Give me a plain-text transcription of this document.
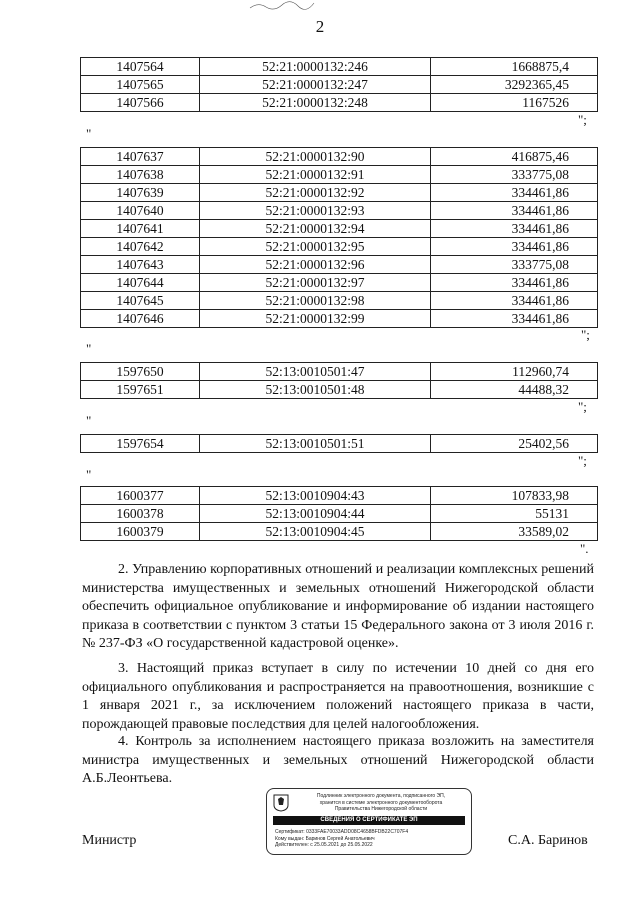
2
1407564	52:21:0000132:246	1668875,4
1407565	52:21:0000132:247	3292365,45
1407566	52:21:0000132:248	1167526
";
"
1407637	52:21:0000132:90	416875,46
1407638	52:21:0000132:91	333775,08
1407639	52:21:0000132:92	334461,86
1407640	52:21:0000132:93	334461,86
1407641	52:21:0000132:94	334461,86
1407642	52:21:0000132:95	334461,86
1407643	52:21:0000132:96	333775,08
1407644	52:21:0000132:97	334461,86
1407645	52:21:0000132:98	334461,86
1407646	52:21:0000132:99	334461,86
";
"
1597650	52:13:0010501:47	112960,74
1597651	52:13:0010501:48	44488,32
";
"
1597654	52:13:0010501:51	25402,56
";
"
1600377	52:13:0010904:43	107833,98
1600378	52:13:0010904:44	55131
1600379	52:13:0010904:45	33589,02
".
2. Управлению корпоративных отношений и реализации комплексных решений министерства имущественных и земельных отношений Нижегородской области обеспечить официальное опубликование и информирование об издании настоящего приказа в соответствии с пунктом 3 статьи 15 Федерального закона от 3 июля 2016 г. № 237-ФЗ «О государственной кадастровой оценке».
3. Настоящий приказ вступает в силу по истечении 10 дней со дня его официального опубликования и распространяется на правоотношения, возникшие с 1 января 2021 г., за исключением положений настоящего приказа в части, порождающей правовые последствия для целей налогообложения.
4. Контроль за исполнением настоящего приказа возложить на заместителя министра имущественных и земельных отношений Нижегородской области А.Б.Леонтьева.
Подлинник электронного документа, подписанного ЭП,
хранится в системе электронного документооборота
Правительства Нижегородской области
СВЕДЕНИЯ О СЕРТИФИКАТЕ ЭП
Сертификат: 0333FAE70033ADD08C4658BFDB22C707F4
Кому выдан: Баринов Сергей Анатольевич
Действителен: с 25.05.2021 до 25.05.2022
Министр	С.А. Баринов
